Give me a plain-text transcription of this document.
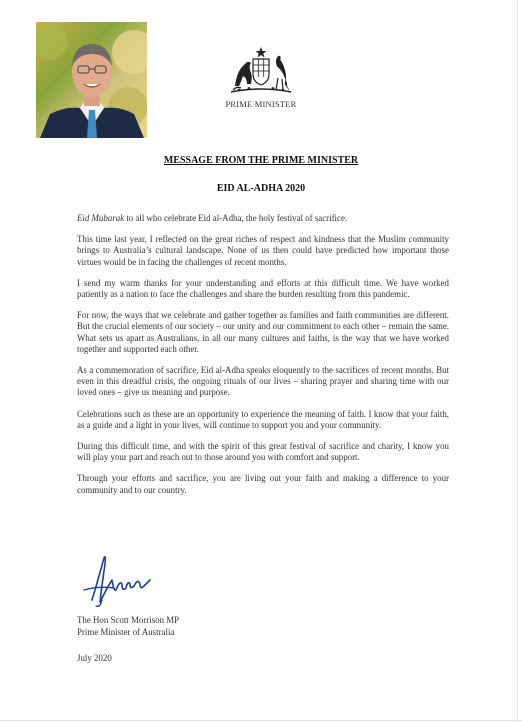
PRIME MINISTER
MESSAGE FROM THE PRIME MINISTER
EID AL-ADHA 2020

Eid Mubarak to all who celebrate Eid al-Adha, the holy festival of sacrifice.

This time last year, I reflected on the great riches of respect and kindness that the Muslim community brings to Australia’s cultural landscape. None of us then could have predicted how important those virtues would be in facing the challenges of recent months.

I send my warm thanks for your understanding and efforts at this difficult time. We have worked patiently as a nation to face the challenges and share the burden resulting from this pandemic.

For now, the ways that we celebrate and gather together as families and faith communities are different. But the crucial elements of our society – our unity and our commitment to each other – remain the same. What sets us apart as Australians, in all our many cultures and faiths, is the way that we have worked together and supported each other.

As a commemoration of sacrifice, Eid al-Adha speaks eloquently to the sacrifices of recent months. But even in this dreadful crisis, the ongoing rituals of our lives – sharing prayer and sharing time with our loved ones – give us meaning and purpose.

Celebrations such as these are an opportunity to experience the meaning of faith. I know that your faith, as a guide and a light in your lives, will continue to support you and your community.

During this difficult time, and with the spirit of this great festival of sacrifice and charity, I know you will play your part and reach out to those around you with comfort and support.

Through your efforts and sacrifice, you are living out your faith and making a difference to your community and to our country.

The Hon Scott Morrison MP
Prime Minister of Australia
July 2020
